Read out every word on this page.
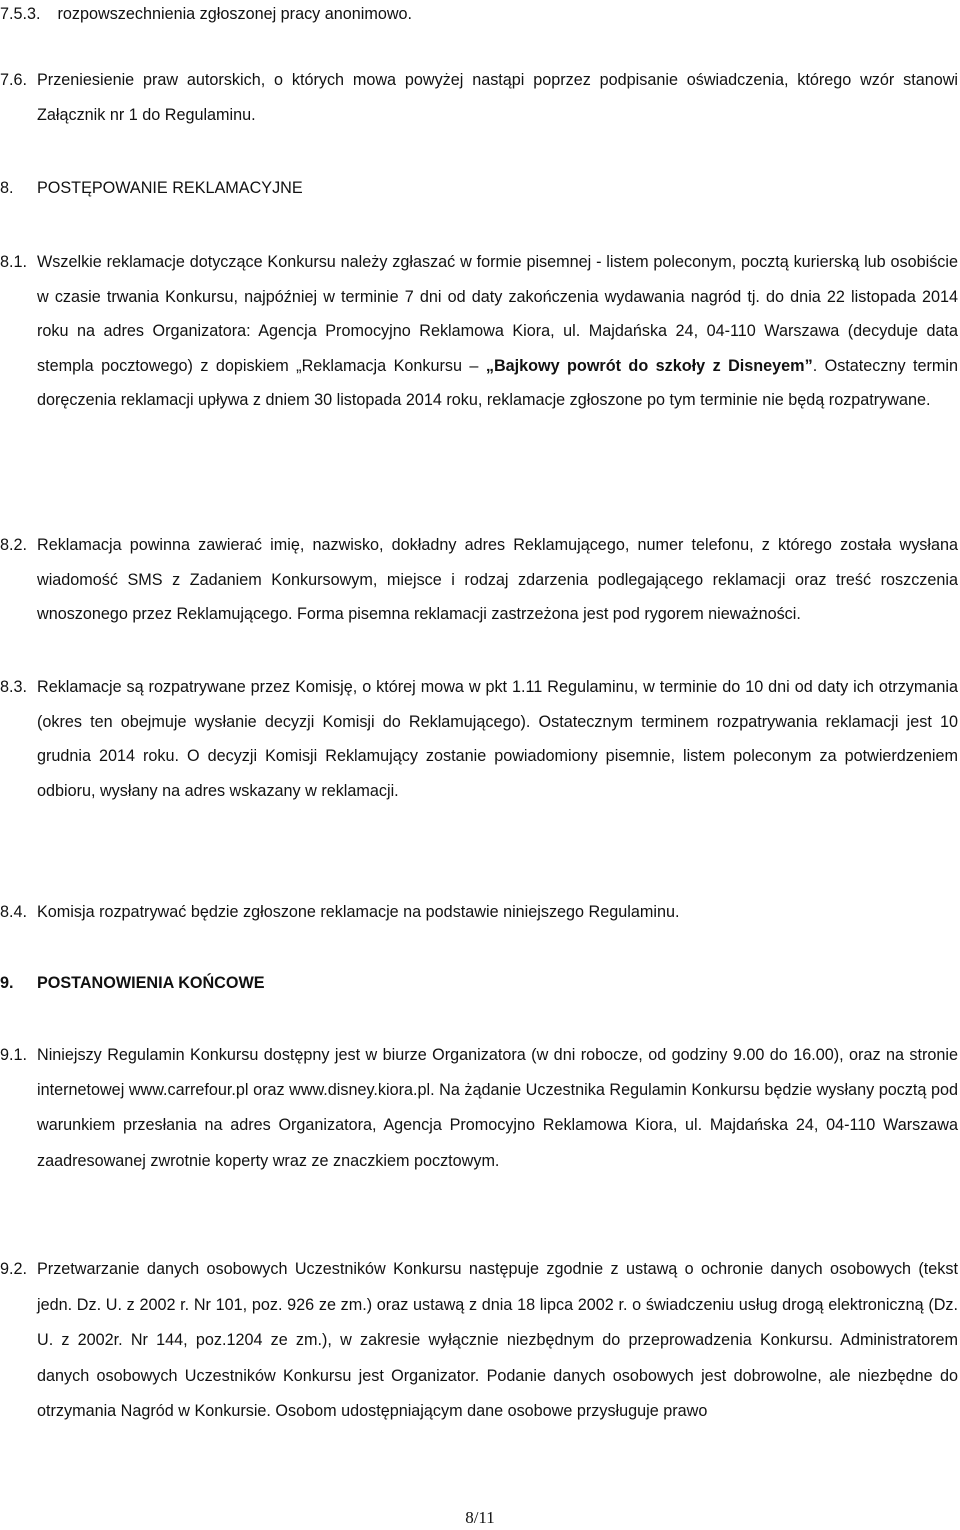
7.5.3. rozpowszechnienia zgłoszonej pracy anonimowo.
7.6. Przeniesienie praw autorskich, o których mowa powyżej nastąpi poprzez podpisanie oświadczenia, którego wzór stanowi Załącznik nr 1 do Regulaminu.
8. POSTĘPOWANIE REKLAMACYJNE
8.1. Wszelkie reklamacje dotyczące Konkursu należy zgłaszać w formie pisemnej - listem poleconym, pocztą kurierską lub osobiście w czasie trwania Konkursu, najpóźniej w terminie 7 dni od daty zakończenia wydawania nagród tj. do dnia 22 listopada 2014 roku na adres Organizatora: Agencja Promocyjno Reklamowa Kiora, ul. Majdańska 24, 04-110 Warszawa (decyduje data stempla pocztowego) z dopiskiem „Reklamacja Konkursu – „Bajkowy powrót do szkoły z Disneyem”. Ostateczny termin doręczenia reklamacji upływa z dniem 30 listopada 2014 roku, reklamacje zgłoszone po tym terminie nie będą rozpatrywane.
8.2. Reklamacja powinna zawierać imię, nazwisko, dokładny adres Reklamującego, numer telefonu, z którego została wysłana wiadomość SMS z Zadaniem Konkursowym, miejsce i rodzaj zdarzenia podlegającego reklamacji oraz treść roszczenia wnoszonego przez Reklamującego. Forma pisemna reklamacji zastrzeżona jest pod rygorem nieważności.
8.3. Reklamacje są rozpatrywane przez Komisję, o której mowa w pkt 1.11 Regulaminu, w terminie do 10 dni od daty ich otrzymania (okres ten obejmuje wysłanie decyzji Komisji do Reklamującego). Ostatecznym terminem rozpatrywania reklamacji jest 10 grudnia 2014 roku. O decyzji Komisji Reklamujący zostanie powiadomiony pisemnie, listem poleconym za potwierdzeniem odbioru, wysłany na adres wskazany w reklamacji.
8.4. Komisja rozpatrywać będzie zgłoszone reklamacje na podstawie niniejszego Regulaminu.
9. POSTANOWIENIA KOŃCOWE
9.1. Niniejszy Regulamin Konkursu dostępny jest w biurze Organizatora (w dni robocze, od godziny 9.00 do 16.00), oraz na stronie internetowej www.carrefour.pl oraz www.disney.kiora.pl. Na żądanie Uczestnika Regulamin Konkursu będzie wysłany pocztą pod warunkiem przesłania na adres Organizatora, Agencja Promocyjno Reklamowa Kiora, ul. Majdańska 24, 04-110 Warszawa zaadresowanej zwrotnie koperty wraz ze znaczkiem pocztowym.
9.2. Przetwarzanie danych osobowych Uczestników Konkursu następuje zgodnie z ustawą o ochronie danych osobowych (tekst jedn. Dz. U. z 2002 r. Nr 101, poz. 926 ze zm.) oraz ustawą z dnia 18 lipca 2002 r. o świadczeniu usług drogą elektroniczną (Dz. U. z 2002r. Nr 144, poz.1204 ze zm.), w zakresie wyłącznie niezbędnym do przeprowadzenia Konkursu. Administratorem danych osobowych Uczestników Konkursu jest Organizator. Podanie danych osobowych jest dobrowolne, ale niezbędne do otrzymania Nagród w Konkursie. Osobom udostępniającym dane osobowe przysługuje prawo
8/11
